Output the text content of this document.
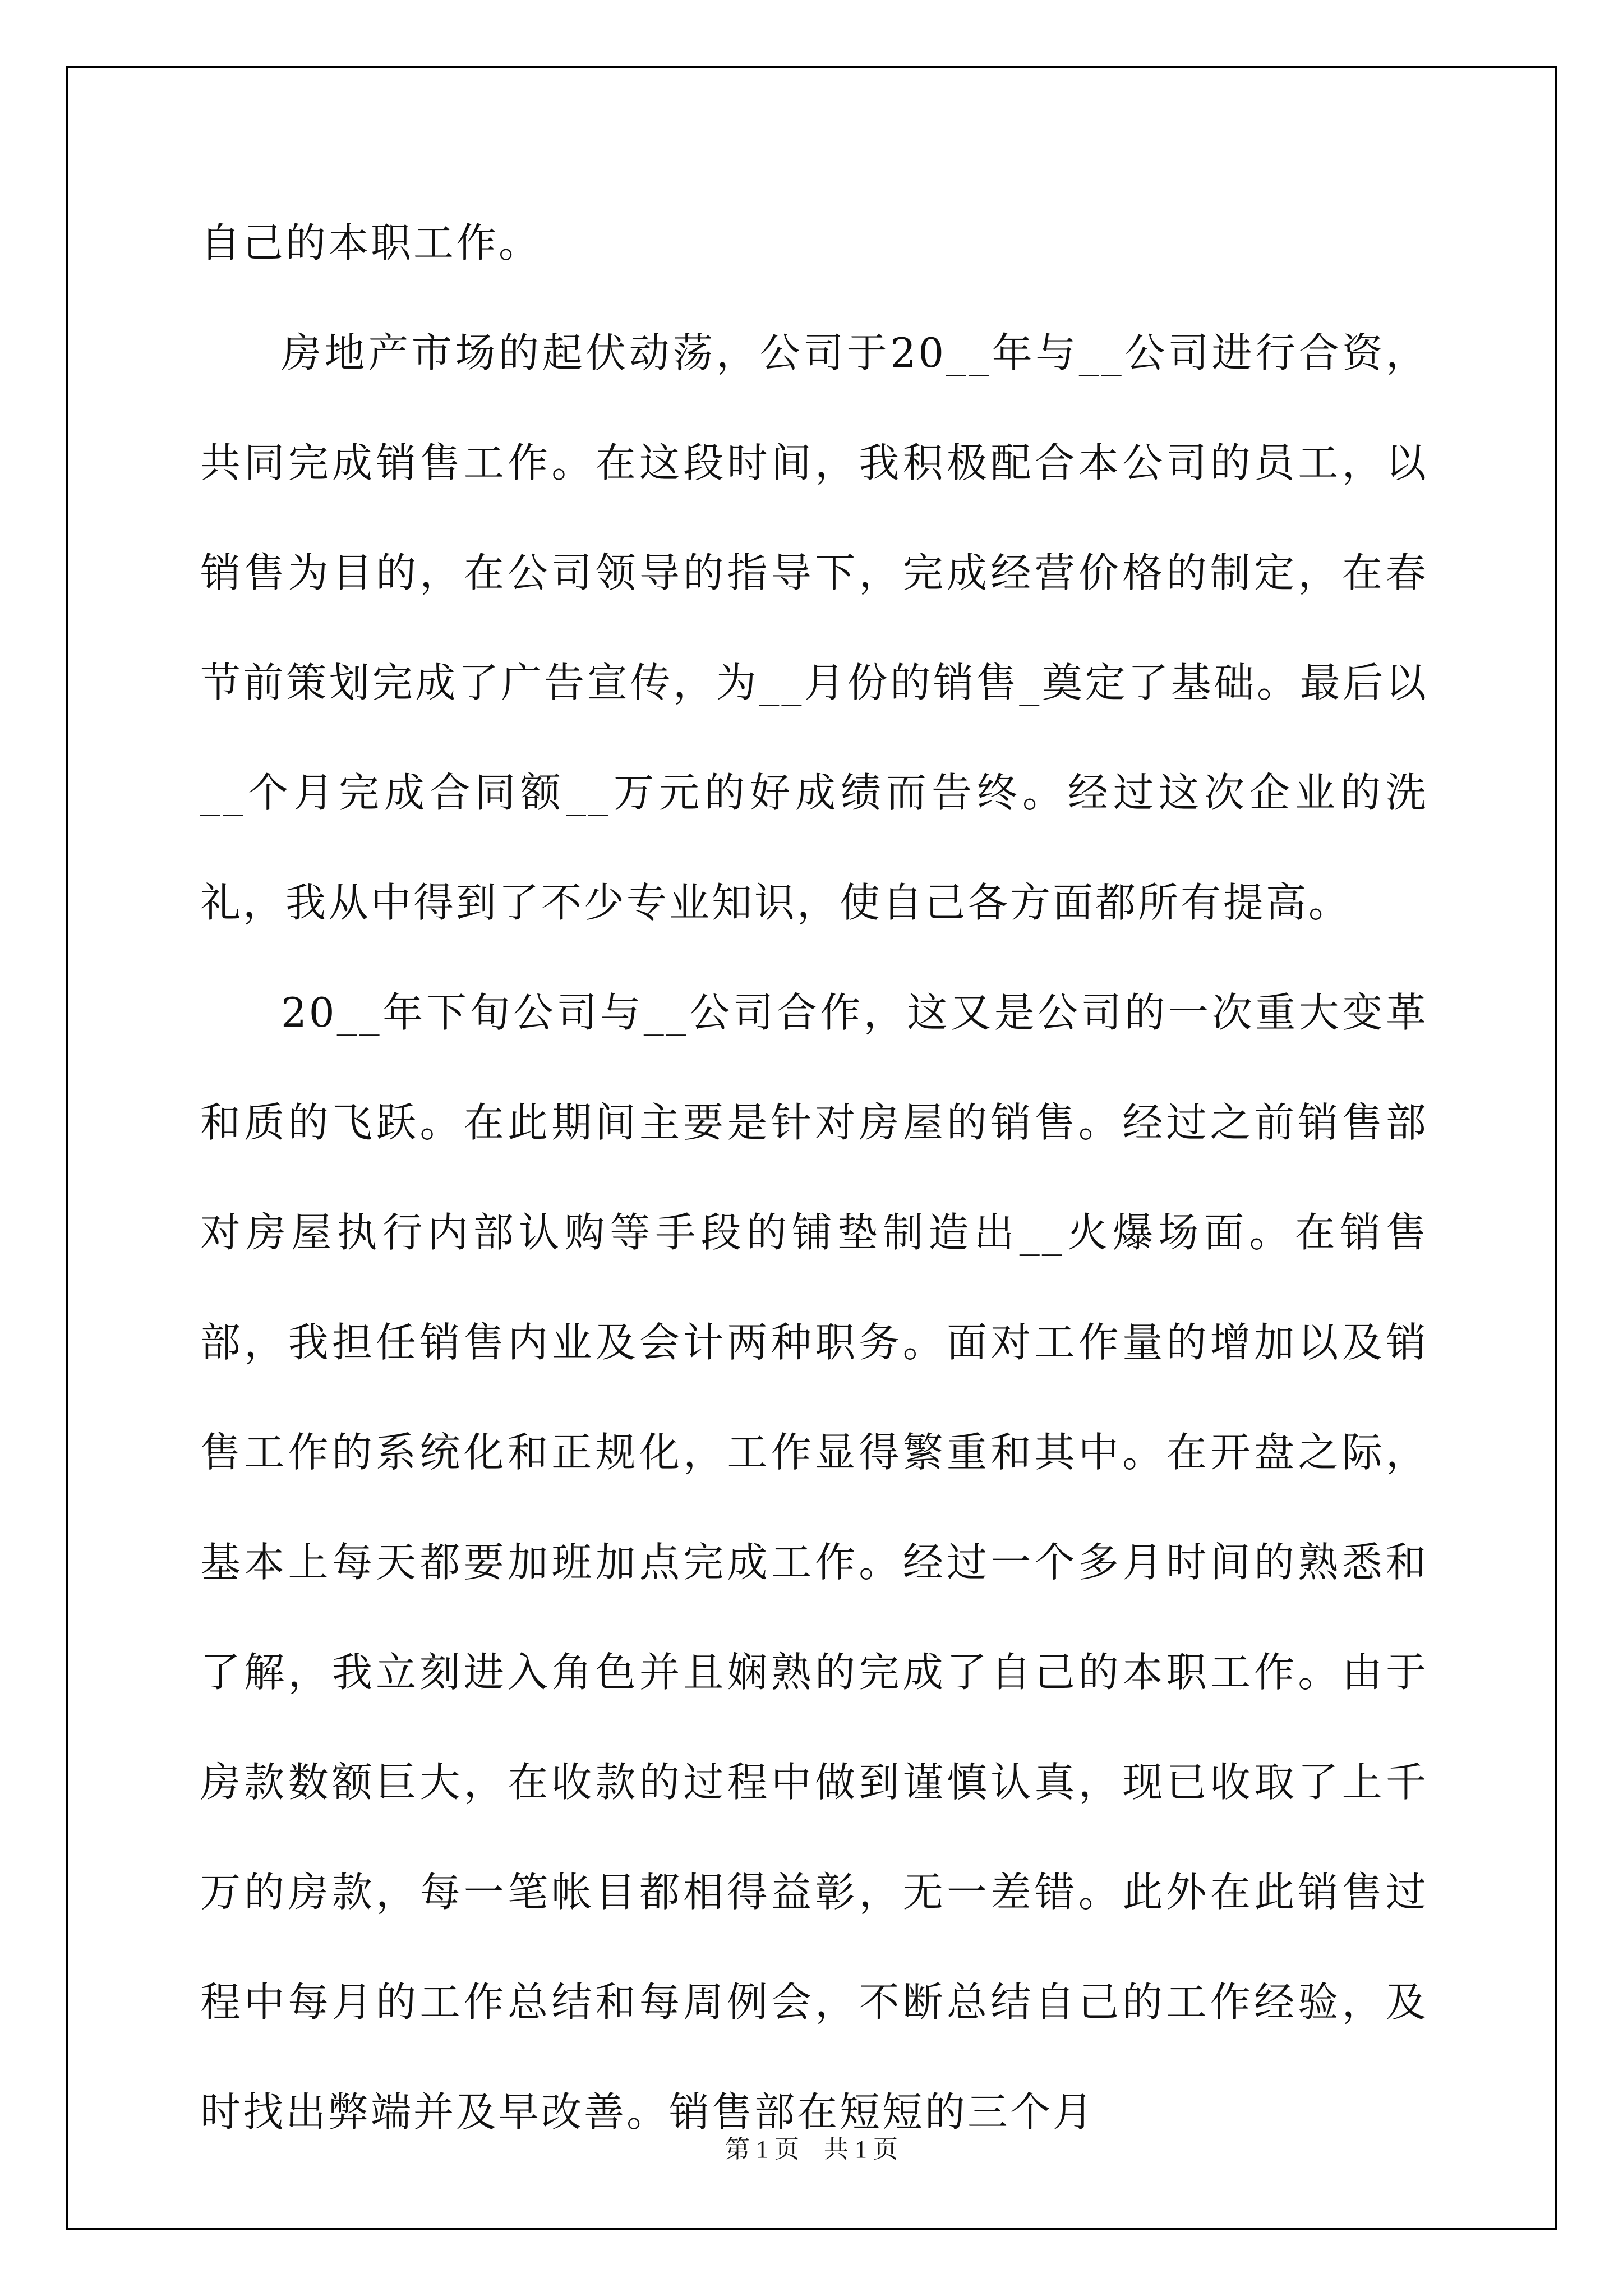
自己的本职工作。

房地产市场的起伏动荡，公司于20__年与__公司进行合资，共同完成销售工作。在这段时间，我积极配合本公司的员工，以销售为目的，在公司领导的指导下，完成经营价格的制定，在春节前策划完成了广告宣传，为__月份的销售_奠定了基础。最后以__个月完成合同额__万元的好成绩而告终。经过这次企业的洗礼，我从中得到了不少专业知识，使自己各方面都所有提高。

20__年下旬公司与__公司合作，这又是公司的一次重大变革和质的飞跃。在此期间主要是针对房屋的销售。经过之前销售部对房屋执行内部认购等手段的铺垫制造出__火爆场面。在销售部，我担任销售内业及会计两种职务。面对工作量的增加以及销售工作的系统化和正规化，工作显得繁重和其中。在开盘之际，基本上每天都要加班加点完成工作。经过一个多月时间的熟悉和了解，我立刻进入角色并且娴熟的完成了自己的本职工作。由于房款数额巨大，在收款的过程中做到谨慎认真，现已收取了上千万的房款，每一笔帐目都相得益彰，无一差错。此外在此销售过程中每月的工作总结和每周例会，不断总结自己的工作经验，及时找出弊端并及早改善。销售部在短短的三个月

第 1 页    共 1 页
